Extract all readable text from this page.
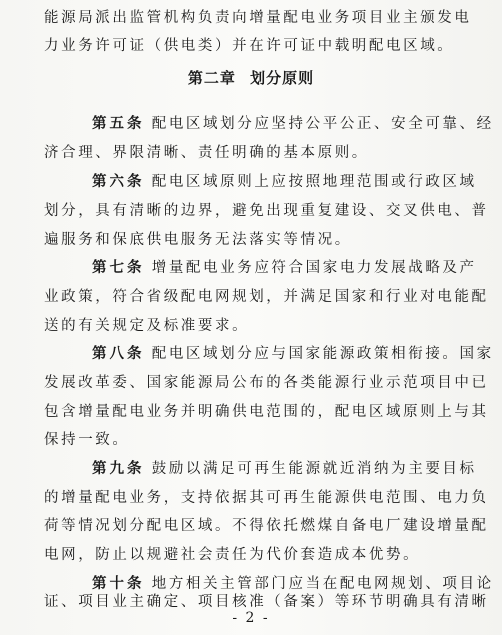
能源局派出监管机构负责向增量配电业务项目业主颁发电
力业务许可证（供电类）并在许可证中载明配电区域。
第二章 划分原则
第五条 配电区域划分应坚持公平公正、安全可靠、经
济合理、界限清晰、责任明确的基本原则。
第六条 配电区域原则上应按照地理范围或行政区域
划分，具有清晰的边界，避免出现重复建设、交叉供电、普
遍服务和保底供电服务无法落实等情况。
第七条 增量配电业务应符合国家电力发展战略及产
业政策，符合省级配电网规划，并满足国家和行业对电能配
送的有关规定及标准要求。
第八条 配电区域划分应与国家能源政策相衔接。国家
发展改革委、国家能源局公布的各类能源行业示范项目中已
包含增量配电业务并明确供电范围的，配电区域原则上与其
保持一致。
第九条 鼓励以满足可再生能源就近消纳为主要目标
的增量配电业务，支持依据其可再生能源供电范围、电力负
荷等情况划分配电区域。不得依托燃煤自备电厂建设增量配
电网，防止以规避社会责任为代价套造成本优势。
第十条 地方相关主管部门应当在配电网规划、项目论
证、项目业主确定、项目核准（备案）等环节明确具有清晰
- 2 -
